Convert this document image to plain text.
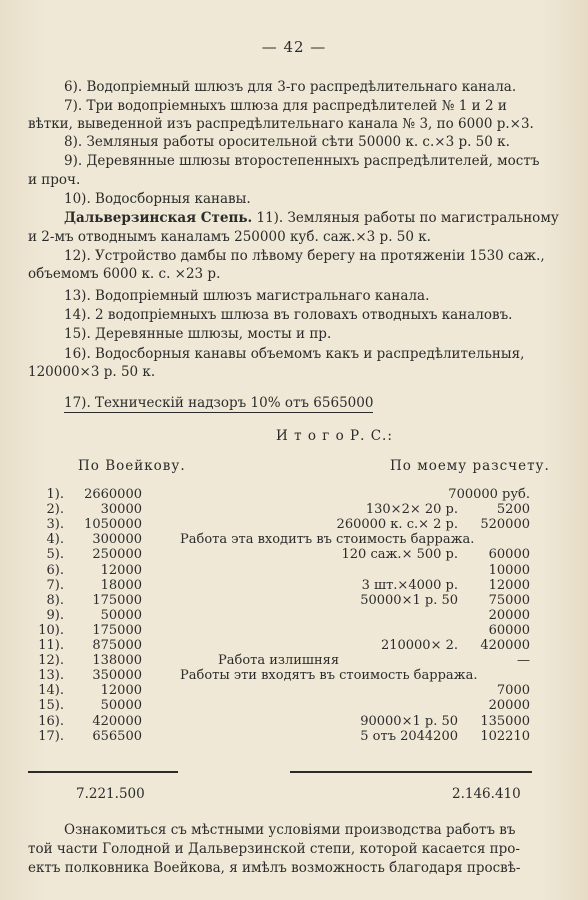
— 42 —
6). Водопріемный шлюзъ для 3-го распредѣлительнаго канала.
7). Три водопріемныхъ шлюза для распредѣлителей № 1 и 2 и
вѣтки, выведенной изъ распредѣлительнаго канала № 3, по 6000 р.⨯3.
8). Земляныя работы оросительной сѣти 50000 к. с.⨯3 р. 50 к.
9). Деревянные шлюзы второстепенныхъ распредѣлителей, мостъ
и проч.
10). Водосборныя канавы.
Дальверзинская Степь. 11). Земляныя работы по магистральному
и 2-мъ отводнымъ каналамъ 250000 куб. саж.⨯3 р. 50 к.
12). Устройство дамбы по лѣвому берегу на протяженіи 1530 саж.,
объемомъ 6000 к. с. ⨯23 р.
13). Водопріемный шлюзъ магистральнаго канала.
14). 2 водопріемныхъ шлюза въ головахъ отводныхъ каналовъ.
15). Деревянные шлюзы, мосты и пр.
16). Водосборныя канавы объемомъ какъ и распредѣлительныя,
120000⨯3 р. 50 к.
17). Техническій надзоръ 10% отъ 6565000
И т о г о Р. С.:
По Воейкову.	По моему разсчету.
1). 2660000	700000 руб.
2).	30000	130⨯2⨯ 20 р.	5200
3). 1050000	260000 к. с.⨯ 2 р. 520000
4). 300000	Работа эта входитъ въ стоимость барража.
5). 250000	120 саж.⨯ 500 р. 60000
6).	12000	10000
7).	18000	3 шт.⨯4000 р. 12000
8). 175000	50000⨯1 р. 50 75000
9).	50000	20000
10). 175000	60000
11). 875000	210000⨯ 2. 420000
12). 138000	Работа излишняя	—
13). 350000	Работы эти входятъ въ стоимость барража.
14).	12000	7000
15).	50000	20000
16). 420000	90000⨯1 р. 50 135000
17). 656500	5 отъ 2044200 102210
7.221.500	2.146.410
Ознакомиться съ мѣстными условіями производства работъ въ
той части Голодной и Дальверзинской степи, которой касается про-
ектъ полковника Воейкова, я имѣлъ возможность благодаря просвѣ-
